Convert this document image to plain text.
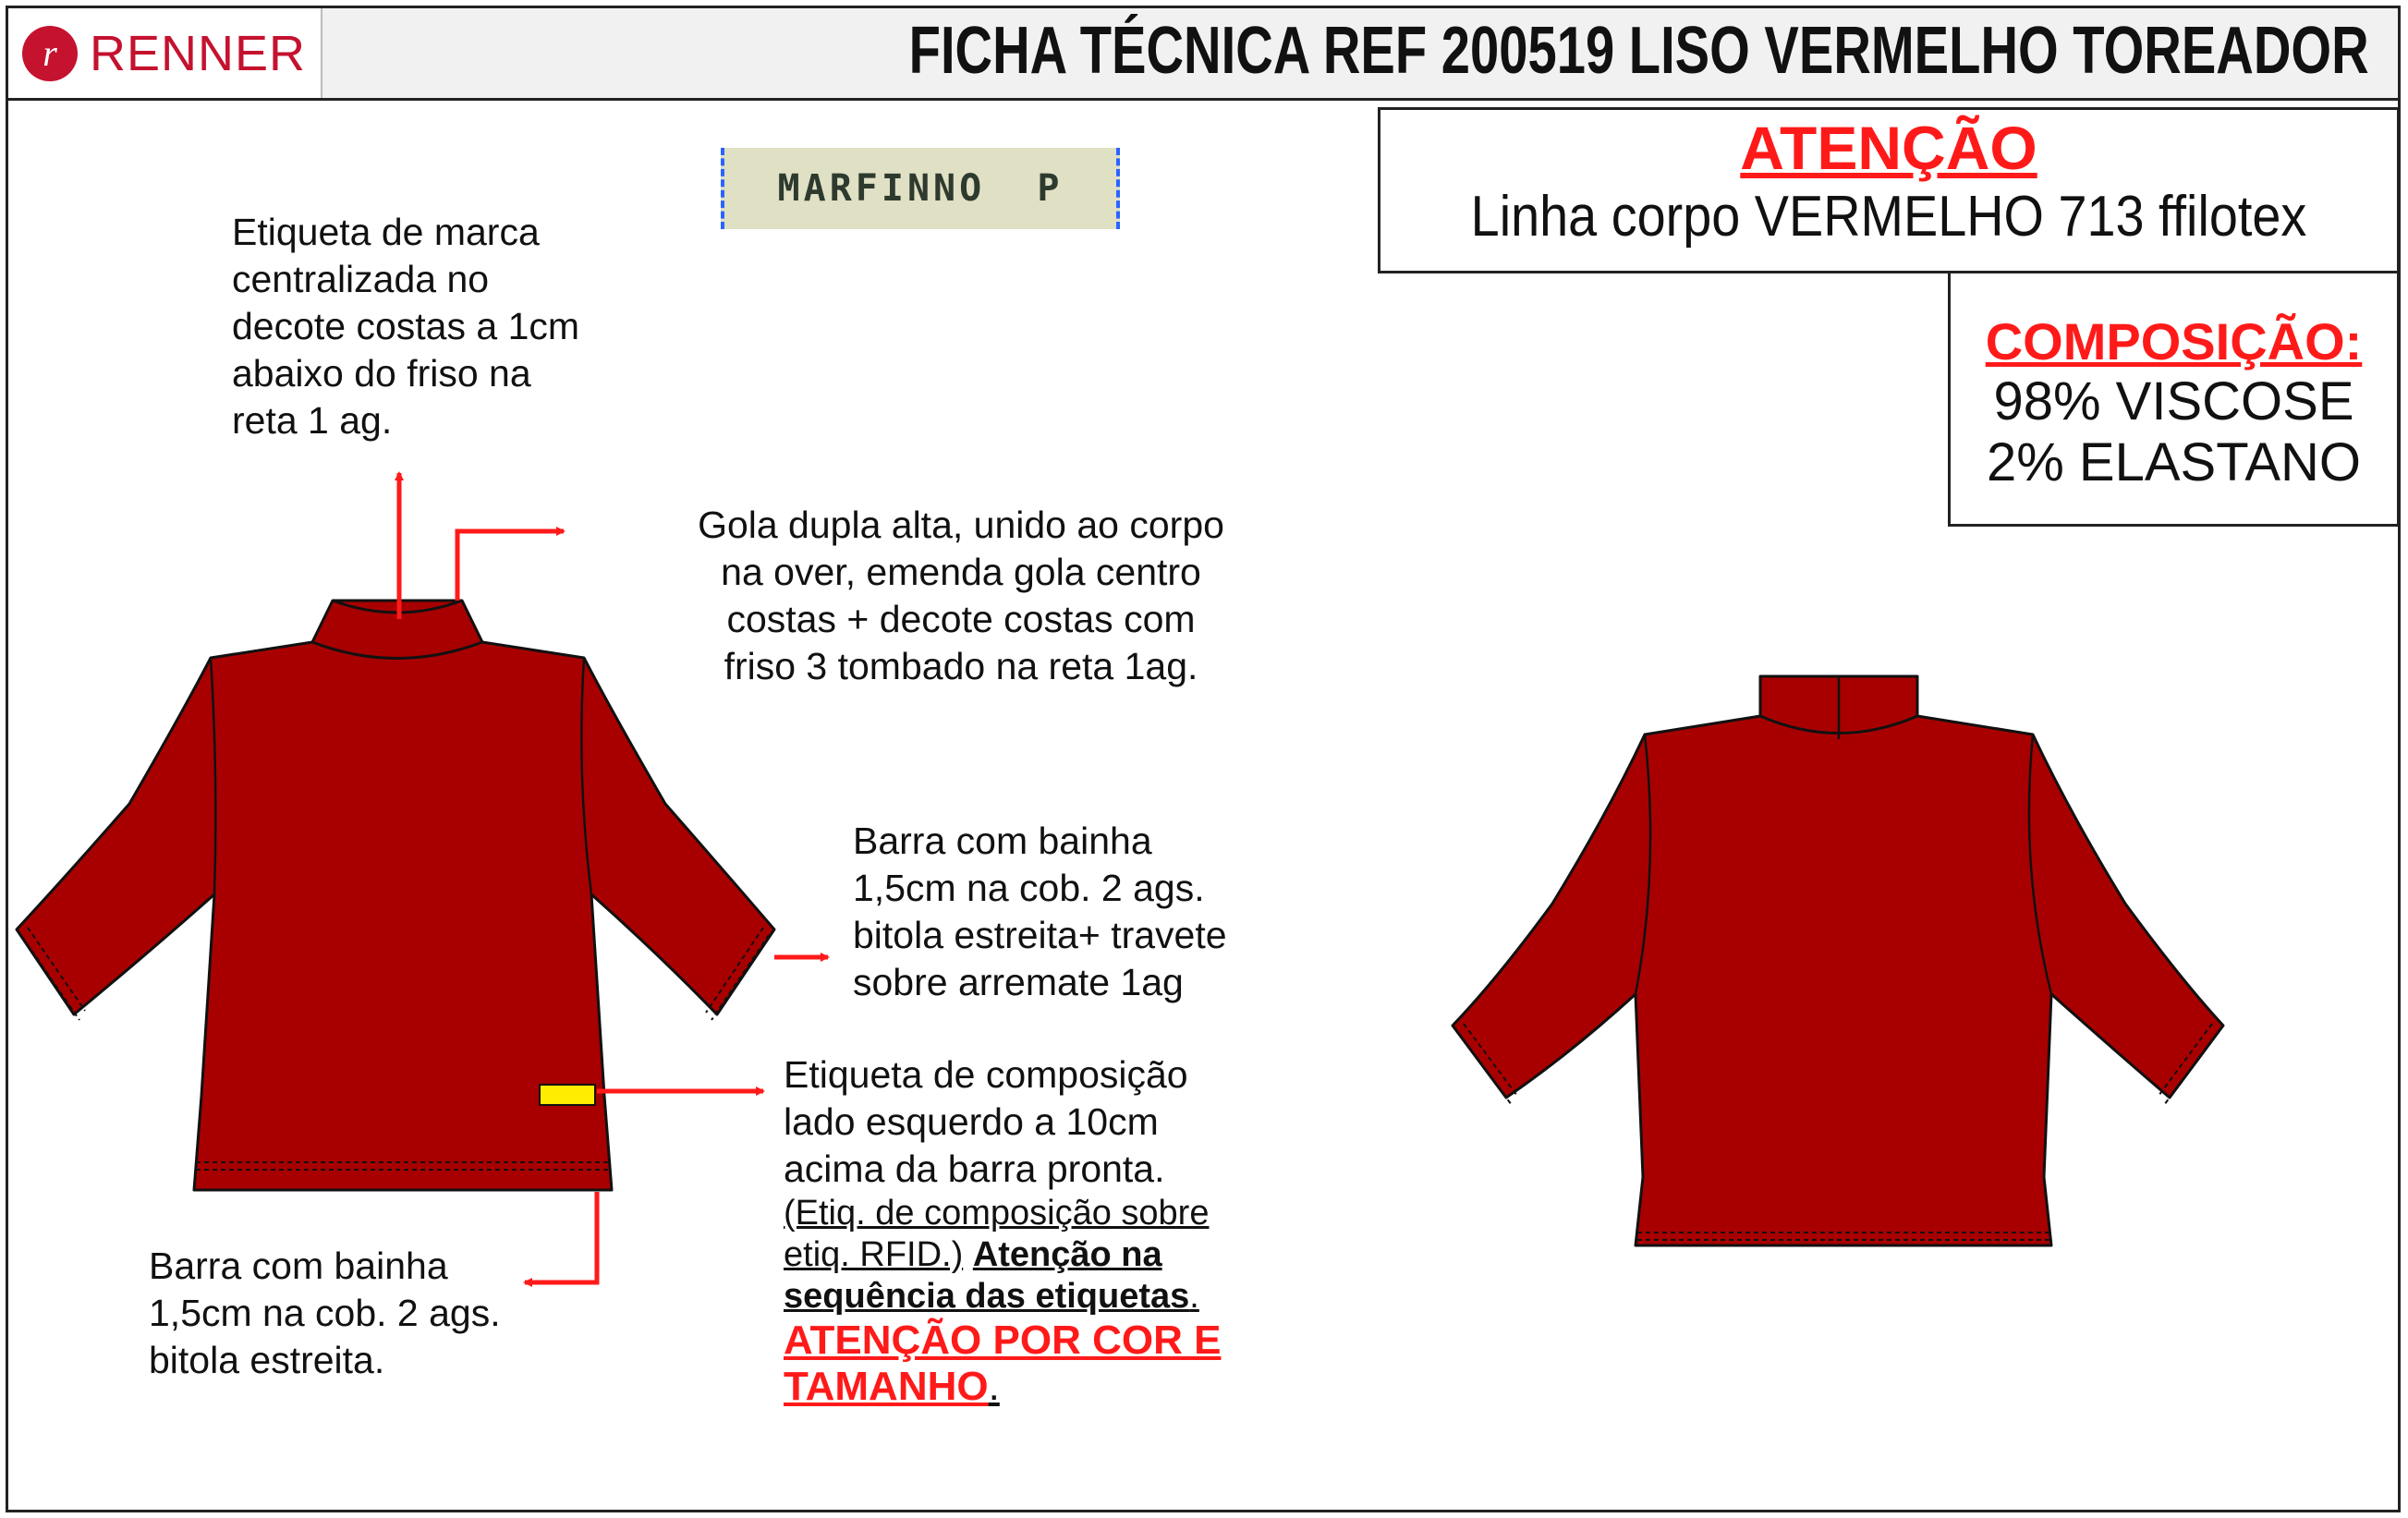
r RENNER	FICHA TÉCNICA REF 200519 LISO VERMELHO TOREADOR
ATENÇÃO
Linha corpo VERMELHO 713 ffilotex
COMPOSIÇÃO:
98% VISCOSE
2% ELASTANO
MARFINNO  P
Etiqueta de marca
centralizada no
decote costas a 1cm
abaixo do friso na
reta 1 ag.
Gola dupla alta, unido ao corpo
na over, emenda gola centro
costas + decote costas com
friso 3 tombado na reta 1ag.
Barra com bainha
1,5cm na cob. 2 ags.
bitola estreita+ travete
sobre arremate 1ag
Etiqueta de composição
lado esquerdo a 10cm
acima da barra pronta.
(Etiq. de composição sobre
etiq. RFID.) Atenção na
sequência das etiquetas.
ATENÇÃO POR COR E
TAMANHO.
Barra com bainha
1,5cm na cob. 2 ags.
bitola estreita.
